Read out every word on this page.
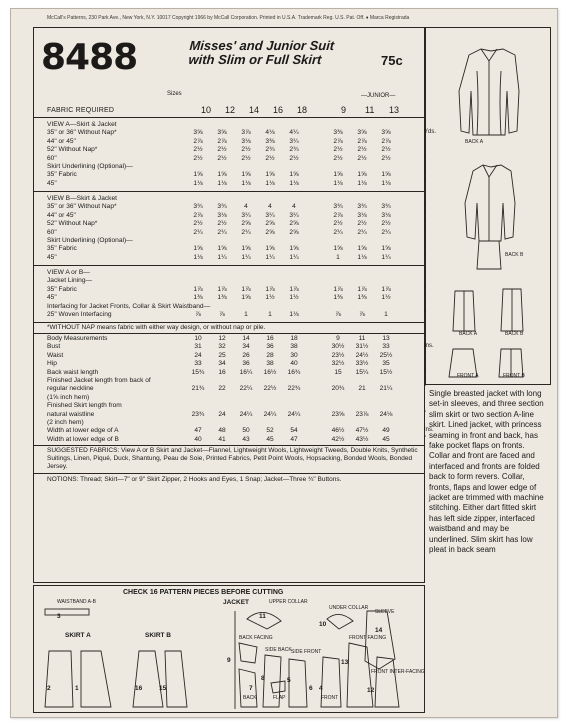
McCall's Patterns, 230 Park Ave., New York, N.Y. 10017 Copyright 1966 by McCall Corporation. Printed in U.S.A. Trademark Reg. U.S. Pat. Off. ♦ Marca Registrada
8488	Misses' and Junior Suit
with Slim or Full Skirt	75c
Sizes	—JUNIOR—
FABRIC REQUIRED	10 12 14 16 18	9 11 13
VIEW A—Skirt & Jacket
35" or 36" Without Nap*	3⅝	3⅝	3⅞	4⅛	4¼	3⅜	3⅝	3⅝	Yds.
44" or 45"	2⅞	2⅞	3⅛	3⅜	3¼	2⅞	2⅞	2⅞	"
52" Without Nap*	2½	2½	2½	2¾	2¾	2½	2½	2½	"
60"	2½	2½	2½	2½	2½	2½	2½	2½	"
Skirt Underlining (Optional)—
35" Fabric	1⅝	1⅝	1⅝	1⅝	1⅝	1⅝	1⅝	1⅝	"
45"	1⅛	1⅛	1⅛	1⅛	1⅛	1⅛	1⅛	1⅛	"
VIEW B—Skirt & Jacket
35" or 36" Without Nap*	3¾	3¾	4	4	4	3¾	3¾	3¾	"
44" or 45"	2⅞	3⅛	3¼	3¼	3¼	2⅞	3⅛	3⅛	"
52" Without Nap*	2½	2½	2⅝	2⅝	2⅝	2½	2½	2½	"
60"	2¼	2¼	2¼	2⅝	2⅝	2¼	2¼	2¼	"
Skirt Underlining (Optional)—
35" Fabric	1⅝	1⅝	1⅝	1⅝	1⅝	1⅝	1⅝	1⅝	"
45"	1⅛	1¼	1¼	1¼	1¼	1	1⅛	1¼	"
VIEW A or B—
Jacket Lining—
35" Fabric	1⅞	1⅞	1⅞	1⅞	1⅞	1⅞	1⅞	1⅞	"
45"	1⅜	1⅜	1⅝	1½	1½	1⅜	1⅜	1½	"
Interfacing for Jacket Fronts, Collar & Skirt Waistband—
25" Woven Interfacing	⅞	⅞	1	1	1⅛	⅞	⅞	1	"
*WITHOUT NAP means fabric with either way design, or without nap or pile.
Body Measurements	10	12	14	16	18	9	11	13
Bust	31	32	34	36	38	30½	31½	33	Ins.
Waist	24	25	26	28	30	23½	24½	25½	"
Hip	33	34	36	38	40	32½	33½	35	"
Back waist length	15¾	16	16¼	16½	16¾	15	15¼	15½	"
Finished Jacket length from back of
regular neckline	21¾	22	22¼	22½	22¾	20¾	21	21¼	"
(1⅝ inch hem)
Finished Skirt length from
natural waistline	23¾	24	24¼	24¼	24¼	23⅝	23⅞	24⅛	"
(2 inch hem)
Width at lower edge of A	47	48	50	52	54	46½	47½	49	Ins.
Width at lower edge of B	40	41	43	45	47	42½	43½	45	"
SUGGESTED FABRICS: View A or B Skirt and Jacket—Flannel, Lightweight Wools, Lightweight Tweeds, Double Knits, Synthetic Suitings, Linen, Piqué, Duck, Shantung, Peau de Soie, Printed Fabrics, Petit Point Wools, Hopsacking, Bonded Wools, Bonded Jersey.
NOTIONS: Thread; Skirt—7" or 9" Skirt Zipper, 2 Hooks and Eyes, 1 Snap; Jacket—Three ¾" Buttons.
BACK A
BACK B
BACK A	BACK B
FRONT A	FRONT B
Single breasted jacket with long set-in sleeves, and three section slim skirt or two section A-line skirt. Lined jacket, with princess seaming in front and back, has fake pocket flaps on fronts. Collar and front are faced and interfaced and fronts are folded back to form revers. Collar, fronts, flaps and lower edge of jacket are trimmed with machine stitching. Either dart fitted skirt has left side zipper, interfaced waistband and may be underlined. Slim skirt has low pleat in back seam
CHECK 16 PATTERN PIECES BEFORE CUTTING
WAISTBAND A-B
SKIRT A	SKIRT B
JACKET	UPPER COLLAR
UNDER COLLAR
SLEEVE
BACK FACING
SIDE BACK SIDE FRONT
FRONT FACING
FRONT INTER-FACING
BACK	FRONT
FLAP
3
2	1	16	15
11
10
14
13
9
8	5
6
7	4	12
